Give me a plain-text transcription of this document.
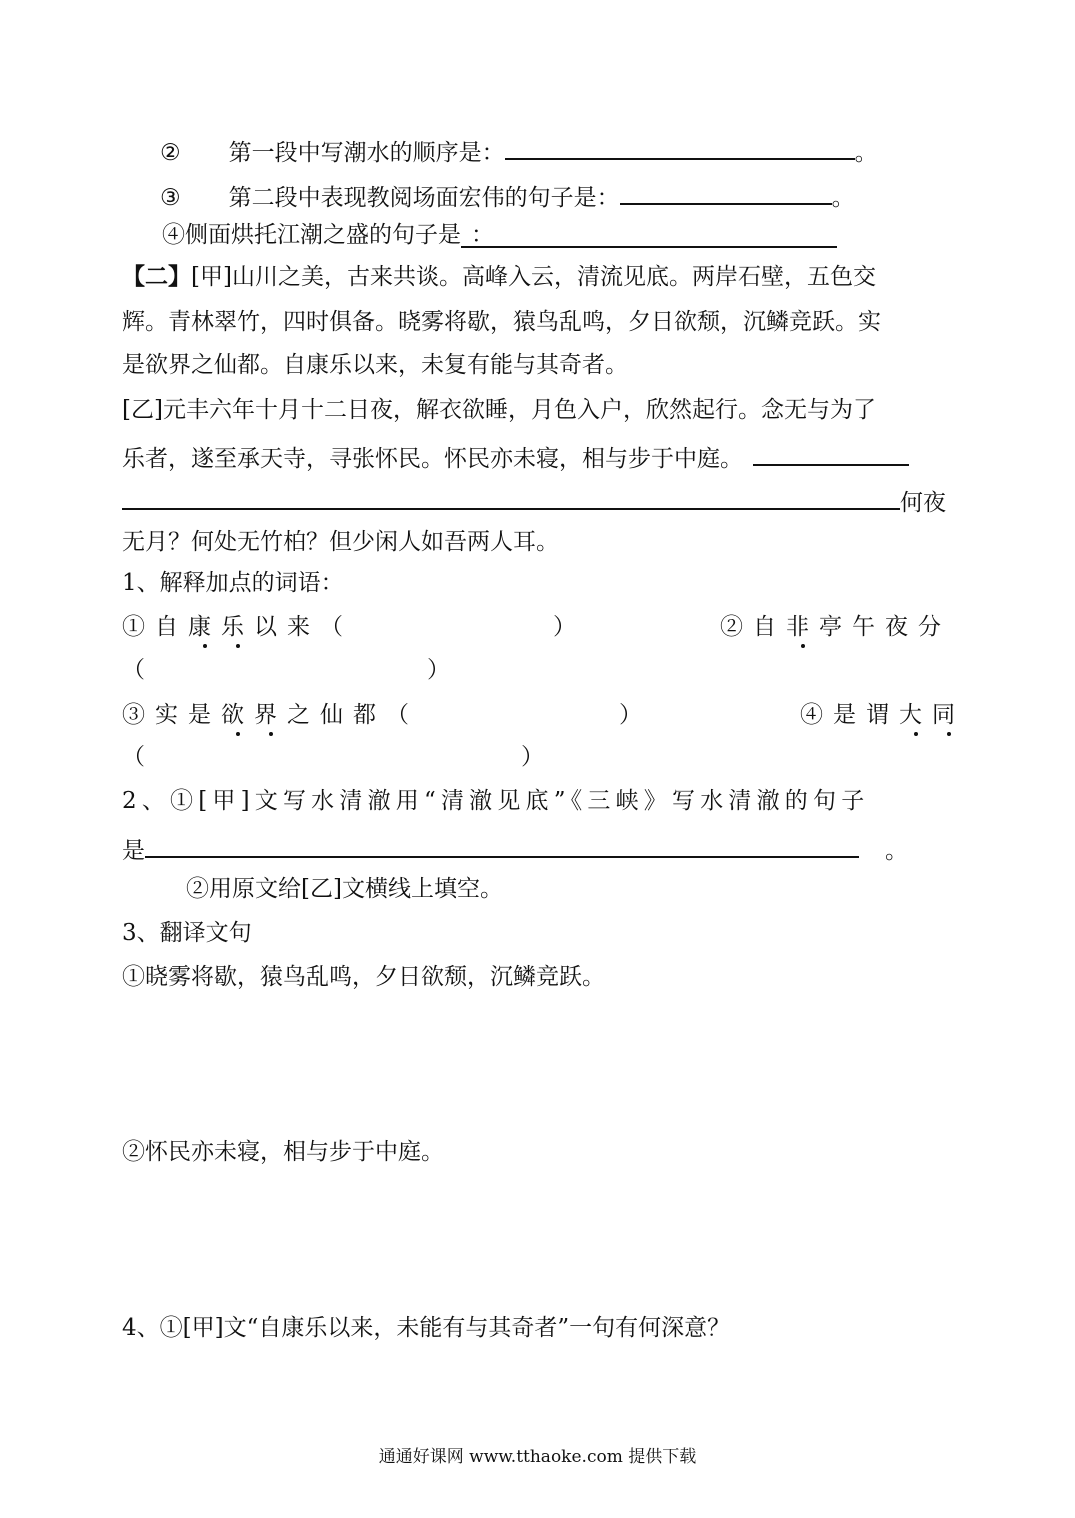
② 第一段中写潮水的顺序是：	。
③ 第二段中表现教阅场面宏伟的句子是：	。
④侧面烘托江潮之盛的句子是 ：
【二】[甲]山川之美，古来共谈。高峰入云，清流见底。两岸石壁，五色交
辉。青林翠竹，四时俱备。晓雾将歇，猿鸟乱鸣，夕日欲颓，沉鳞竞跃。实
是欲界之仙都。自康乐以来，未复有能与其奇者。
[乙]元丰六年十月十二日夜，解衣欲睡，月色入户，欣然起行。念无与为了
乐者，遂至承天寺，寻张怀民。怀民亦未寝，相与步于中庭。
何夜
无月？何处无竹柏？但少闲人如吾两人耳。
1、解释加点的词语：
①自康乐以来（	）	②自非亭午夜分
（	）
③实是欲界之仙都（	）	④是谓大同
（	）
2、①[甲]文写水清澈用“清澈见底”《三峡》写水清澈的句子
是	。
②用原文给[乙]文横线上填空。
3、翻译文句
①晓雾将歇，猿鸟乱鸣，夕日欲颓，沉鳞竞跃。
②怀民亦未寝，相与步于中庭。
4、①[甲]文“自康乐以来，未能有与其奇者”一句有何深意？
通通好课网 www.tthaoke.com 提供下载
